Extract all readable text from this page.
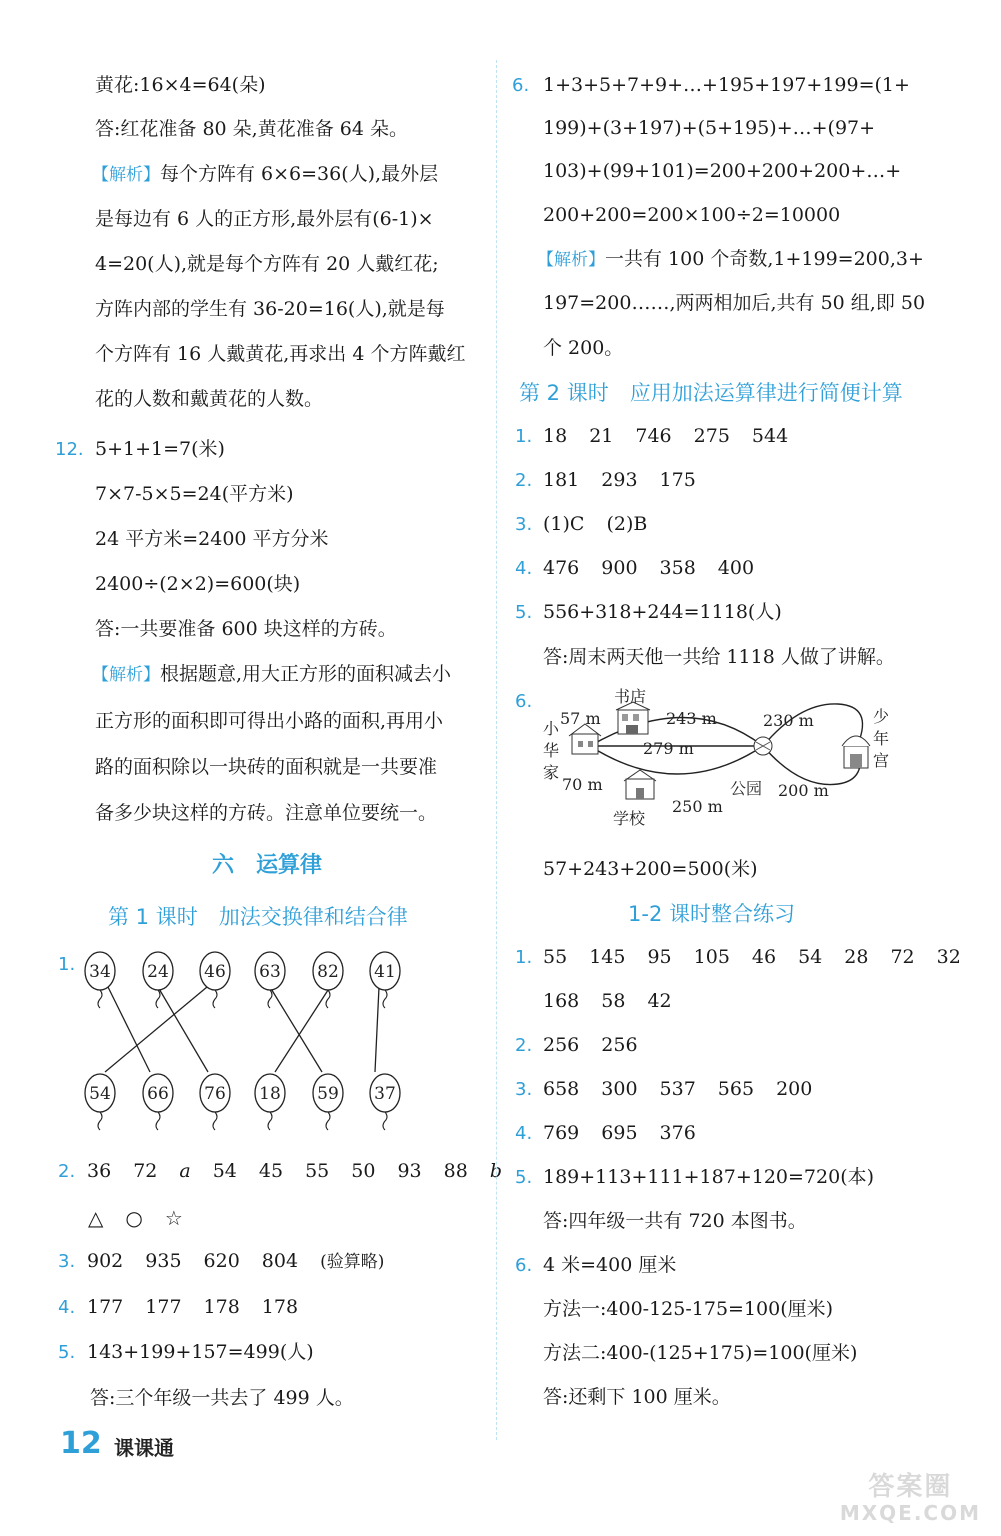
黄花:16×4=64(朵)
答:红花准备 80 朵,黄花准备 64 朵。
【解析】每个方阵有 6×6=36(人),最外层
是每边有 6 人的正方形,最外层有(6-1)×
4=20(人),就是每个方阵有 20 人戴红花;
方阵内部的学生有 36-20=16(人),就是每
个方阵有 16 人戴黄花,再求出 4 个方阵戴红
花的人数和戴黄花的人数。
12. 5+1+1=7(米)
7×7-5×5=24(平方米)
24 平方米=2400 平方分米
2400÷(2×2)=600(块)
答:一共要准备 600 块这样的方砖。
【解析】根据题意,用大正方形的面积减去小
正方形的面积即可得出小路的面积,再用小
路的面积除以一块砖的面积就是一共要准
备多少块这样的方砖。注意单位要统一。
六　运算律
第 1 课时　加法交换律和结合律
1. 34 24 46 63 82 41
54 66 76 18 59 37
2. 36 72 a 54 45 55 50 93 88 b
△ ○ ☆
3. 902 935 620 804 (验算略)
4. 177 177 178 178
5. 143+199+157=499(人)
答:三个年级一共去了 499 人。
6. 1+3+5+7+9+…+195+197+199=(1+
199)+(3+197)+(5+195)+…+(97+
103)+(99+101)=200+200+200+…+
200+200=200×100÷2=10000
【解析】一共有 100 个奇数,1+199=200,3+
197=200……,两两相加后,共有 50 组,即 50
个 200。
第 2 课时　应用加法运算律进行简便计算
1. 18 21 746 275 544
2. 181 293 175
3. (1)C (2)B
4. 476 900 358 400
5. 556+318+244=1118(人)
答:周末两天他一共给 1118 人做了讲解。
6.	书店
小
华
家
少
年
宫
学校
公园
57 m	243 m	230 m
279 m
70 m
250 m
200 m
57+243+200=500(米)
1-2 课时整合练习
1. 55 145 95 105 46 54 28 72 32
168 58 42
2. 256 256
3. 658 300 537 565 200
4. 769 695 376
5. 189+113+111+187+120=720(本)
答:四年级一共有 720 本图书。
6. 4 米=400 厘米
方法一:400-125-175=100(厘米)
方法二:400-(125+175)=100(厘米)
答:还剩下 100 厘米。
12 课课通
答案圈
MXQE.COM
